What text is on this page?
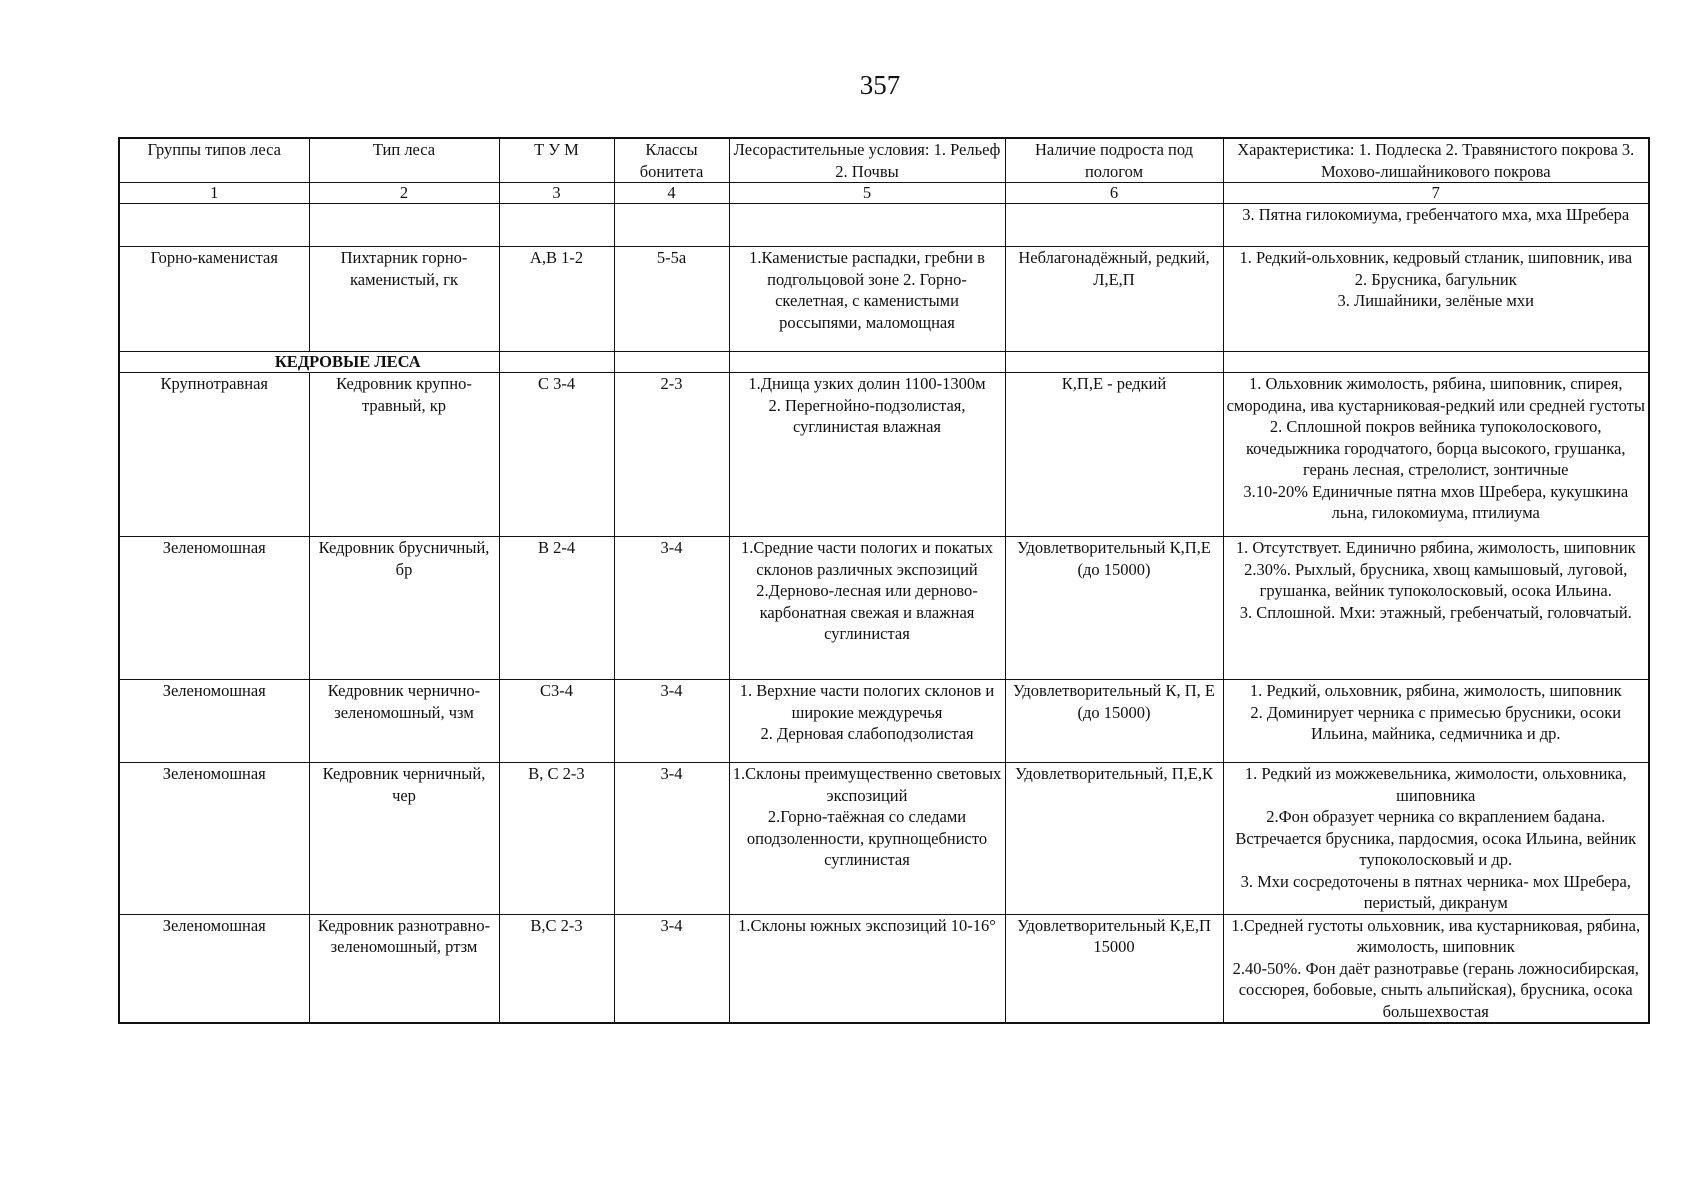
357
Группы типов леса	Тип леса	Т У М	Классы бонитета	Лесорастительные условия: 1. Рельеф 2. Почвы	Наличие подроста под пологом	Характеристика: 1. Подлеска 2. Травянистого покрова 3. Мохово-лишайникового покрова
1	2	3	4	5	6	7
						3. Пятна гилокомиума, гребенчатого мха, мха Шребера
Горно-каменистая	Пихтарник горно-каменистый, гк	А,В 1-2	5-5а	1.Каменистые распадки, гребни в подгольцовой зоне 2. Горно-скелетная, с каменистыми россыпями, маломощная	Неблагонадёжный, редкий, Л,Е,П	1. Редкий-ольховник, кедровый стланик, шиповник, ива
2. Брусника, багульник
3. Лишайники, зелёные мхи
КЕДРОВЫЕ ЛЕСА						
Крупнотравная	Кедровник крупно-травный, кр	С 3-4	2-3	1.Днища узких долин 1100-1300м
2. Перегнойно-подзолистая, суглинистая влажная	К,П,Е - редкий	1. Ольховник жимолость, рябина, шиповник, спирея, смородина, ива кустарниковая-редкий или средней густоты
2. Сплошной покров вейника тупоколоскового, кочедыжника городчатого, борца высокого, грушанка, герань лесная, стрелолист, зонтичные
3.10-20% Единичные пятна мхов Шребера, кукушкина льна, гилокомиума, птилиума
Зеленомошная	Кедровник брусничный, бр	В 2-4	3-4	1.Средние части пологих и покатых склонов различных экспозиций
2.Дерново-лесная или дерново-карбонатная свежая и влажная суглинистая	Удовлетворительный К,П,Е (до 15000)	1. Отсутствует. Единично рябина, жимолость, шиповник
2.30%. Рыхлый, брусника, хвощ камышовый, луговой, грушанка, вейник тупоколосковый, осока Ильина.
3. Сплошной. Мхи: этажный, гребенчатый, головчатый.
Зеленомошная	Кедровник чернично-зеленомошный, чзм	С3-4	3-4	1. Верхние части пологих склонов и широкие междуречья
2. Дерновая слабоподзолистая	Удовлетворительный К, П, Е (до 15000)	1. Редкий, ольховник, рябина, жимолость, шиповник
2. Доминирует черника с примесью брусники, осоки Ильина, майника, седмичника и др.
Зеленомошная	Кедровник черничный, чер	В, С 2-3	3-4	1.Склоны преимущественно световых экспозиций
2.Горно-таёжная со следами оподзоленности, крупнощебнисто суглинистая	Удовлетворительный, П,Е,К	1. Редкий из можжевельника, жимолости, ольховника, шиповника
2.Фон образует черника со вкраплением бадана. Встречается брусника, пардосмия, осока Ильина, вейник тупоколосковый и др.
3. Мхи сосредоточены в пятнах черника- мох Шребера, перистый, дикранум
Зеленомошная	Кедровник разнотравно-зеленомошный, ртзм	В,С 2-3	3-4	1.Склоны южных экспозиций 10-16°	Удовлетворительный К,Е,П 15000	1.Средней густоты ольховник, ива кустарниковая, рябина, жимолость, шиповник
2.40-50%. Фон даёт разнотравье (герань ложносибирская, соссюрея, бобовые, сныть альпийская), брусника, осока большехвостая
